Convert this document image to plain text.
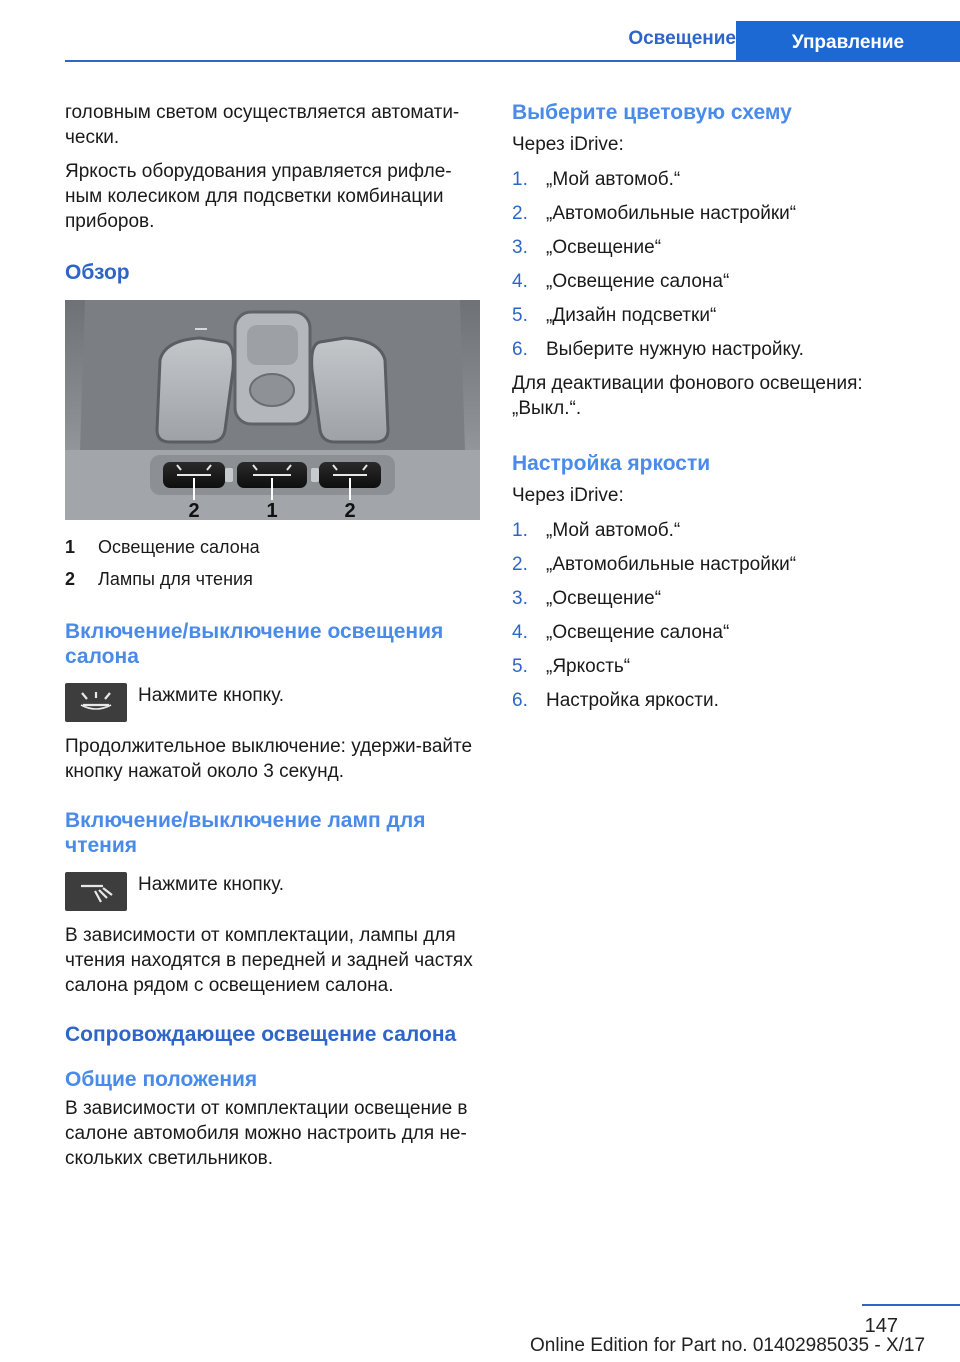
Освещение	Управление

головным светом осуществляется автомати-чески.

Яркость оборудования управляется рифле-ным колесиком для подсветки комбинации приборов.

Обзор
2	1	2
1	Освещение салона
2	Лампы для чтения
Включение/выключение освещения салона
Нажмите кнопку.

Продолжительное выключение: удержи-вайте кнопку нажатой около 3 секунд.

Включение/выключение ламп для чтения
Нажмите кнопку.

В зависимости от комплектации, лампы для чтения находятся в передней и задней частях салона рядом с освещением салона.

Сопровождающее освещение салона
Общие положения

В зависимости от комплектации освещение в салоне автомобиля можно настроить для не-скольких светильников.

Выберите цветовую схему

Через iDrive:

1. „Мой автомоб.“
2. „Автомобильные настройки“
3. „Освещение“
4. „Освещение салона“
5. „Дизайн подсветки“
6. Выберите нужную настройку.

Для деактивации фонового освещения: „Выкл.“.

Настройка яркости

Через iDrive:

1. „Мой автомоб.“
2. „Автомобильные настройки“
3. „Освещение“
4. „Освещение салона“
5. „Яркость“
6. Настройка яркости.
147
Online Edition for Part no. 01402985035 - X/17
